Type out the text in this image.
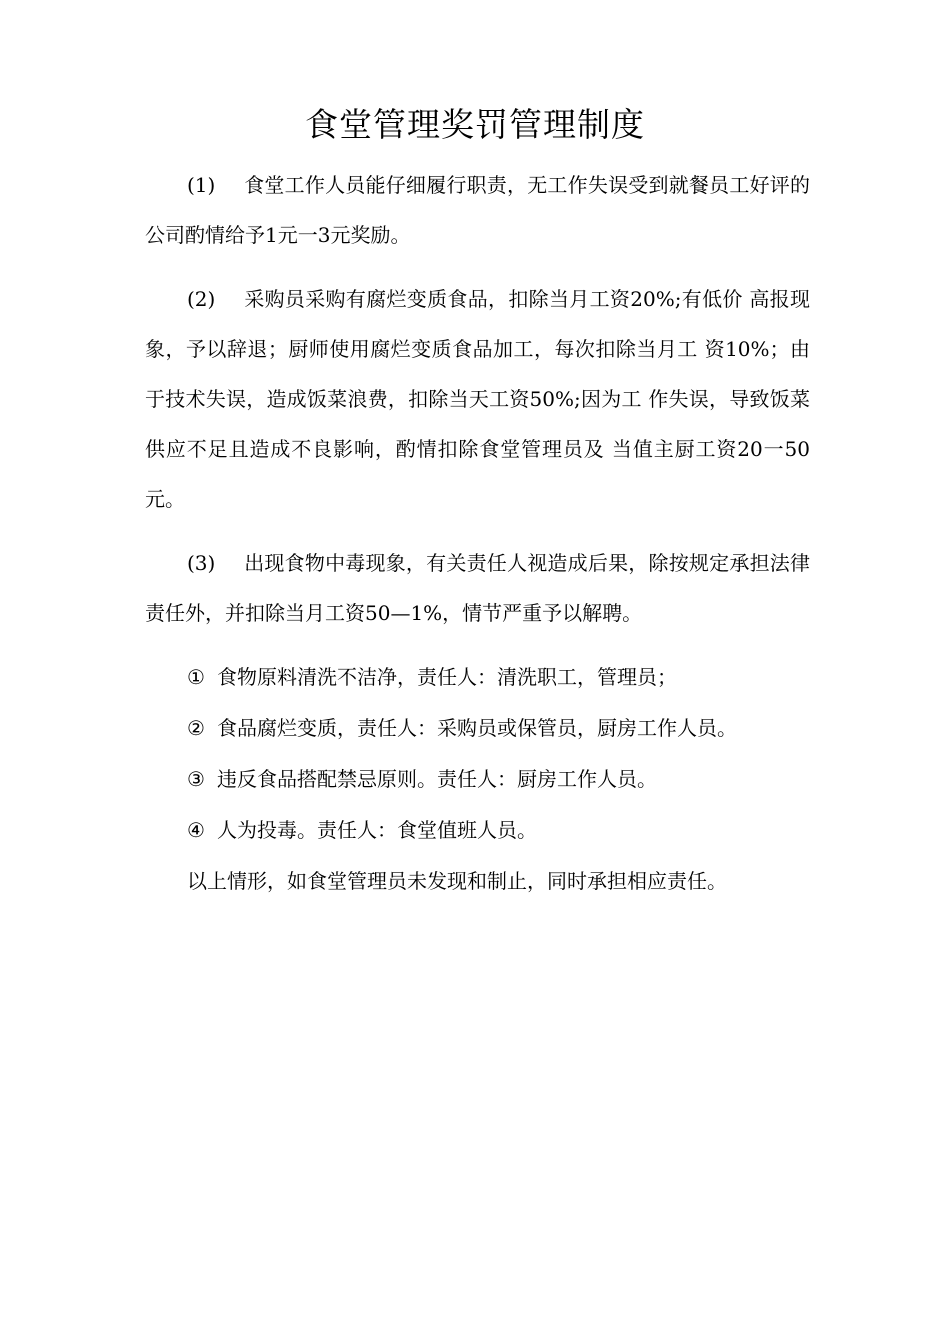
食堂管理奖罚管理制度

(1) 食堂工作人员能仔细履行职责，无工作失误受到就餐员工好评的公司酌情给予1元一3元奖励。

(2) 采购员采购有腐烂变质食品，扣除当月工资20%;有低价 高报现象，予以辞退；厨师使用腐烂变质食品加工，每次扣除当月工 资10%；由于技术失误，造成饭菜浪费，扣除当天工资50%;因为工 作失误，导致饭菜供应不足且造成不良影响，酌情扣除食堂管理员及 当值主厨工资20一50元。

(3) 出现食物中毒现象，有关责任人视造成后果，除按规定承担法律责任外，并扣除当月工资50—1%，情节严重予以解聘。

① 食物原料清洗不洁净，责任人：清洗职工，管理员；
② 食品腐烂变质，责任人：采购员或保管员，厨房工作人员。
③ 违反食品搭配禁忌原则。责任人：厨房工作人员。
④ 人为投毒。责任人：食堂值班人员。

以上情形，如食堂管理员未发现和制止，同时承担相应责任。
